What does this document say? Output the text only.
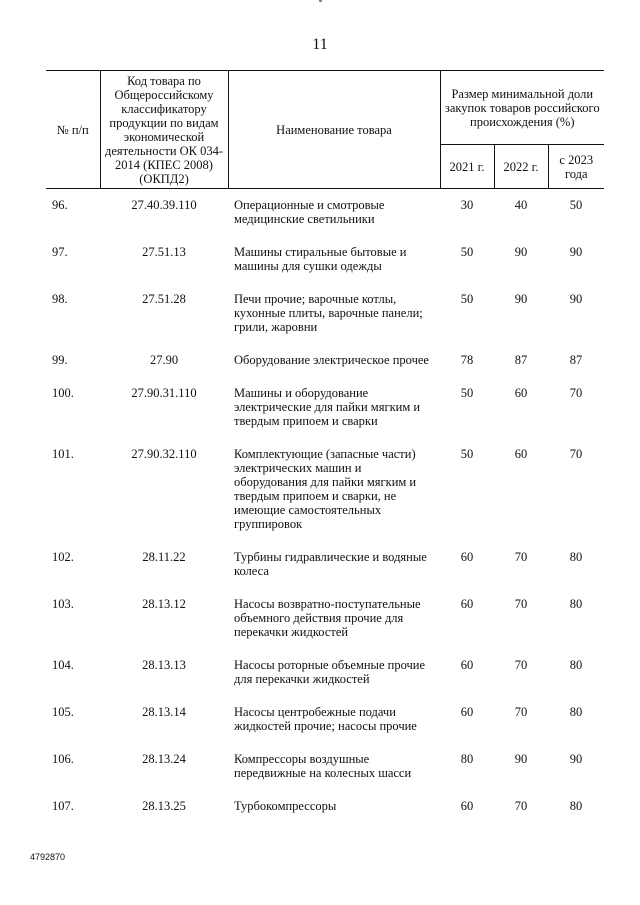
11
№ п/п	Код товара по Общероссийскому классификатору продукции по видам экономической деятельности ОК 034-2014 (КПЕС 2008) (ОКПД2)	Наименование товара	Размер минимальной доли закупок товаров российского происхождения (%)		
			2021 г.	2022 г.	с 2023 года
96.	27.40.39.110	Операционные и смотровые медицинские светильники	30	40	50
97.	27.51.13	Машины стиральные бытовые и машины для сушки одежды	50	90	90
98.	27.51.28	Печи прочие; варочные котлы, кухонные плиты, варочные панели; грили, жаровни	50	90	90
99.	27.90	Оборудование электрическое прочее	78	87	87
100.	27.90.31.110	Машины и оборудование электрические для пайки мягким и твердым припоем и сварки	50	60	70
101.	27.90.32.110	Комплектующие (запасные части) электрических машин и оборудования для пайки мягким и твердым припоем и сварки, не имеющие самостоятельных группировок	50	60	70
102.	28.11.22	Турбины гидравлические и водяные колеса	60	70	80
103.	28.13.12	Насосы возвратно-поступательные объемного действия прочие для перекачки жидкостей	60	70	80
104.	28.13.13	Насосы роторные объемные прочие для перекачки жидкостей	60	70	80
105.	28.13.14	Насосы центробежные подачи жидкостей прочие; насосы прочие	60	70	80
106.	28.13.24	Компрессоры воздушные передвижные на колесных шасси	80	90	90
107.	28.13.25	Турбокомпрессоры	60	70	80
4792870
